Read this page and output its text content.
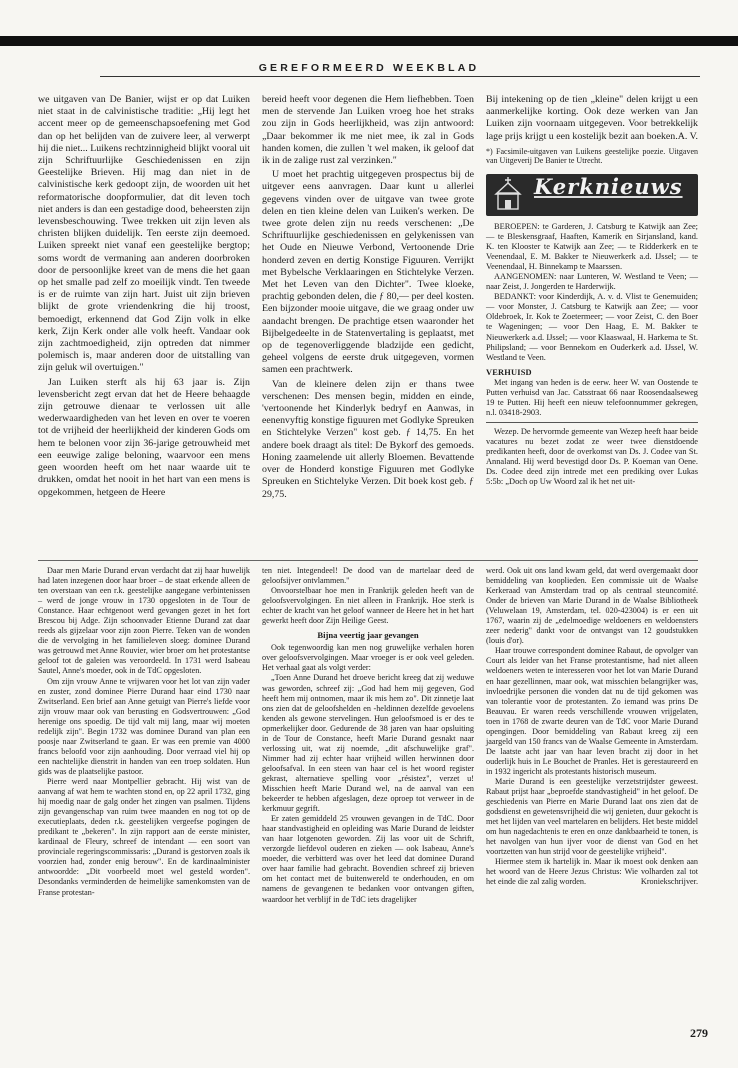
GEREFORMEERD WEEKBLAD

we uitgaven van De Banier, wijst er op dat Luiken niet staat in de calvinistische traditie: „Hij legt het accent meer op de gemeenschapsoefening met God dan op het belijden van de zuivere leer, al verwerpt hij die niet... Luikens rechtzinnigheid blijkt vooral uit zijn Schriftuurlijke Geschiedenissen en zijn Geestelijke Brieven. Hij mag dan niet in de calvinistische kerk gedoopt zijn, de woorden uit het reformatorische doopformulier, dat dit leven toch niet anders is dan een gestadige dood, beheersten zijn levensbeschouwing. Twee trekken uit zijn leven als christen blijken duidelijk. Ten eerste zijn deemoed. Luiken spreekt niet vanaf een geestelijke bergtop; soms wordt de vermaning aan anderen doorbroken door de persoonlijke kreet van de mens die het gaan op het smalle pad zelf zo moeilijk vindt. Ten tweede is er de ruimte van zijn hart. Juist uit zijn brieven blijkt de grote vriendenkring die hij troost, bemoedigt, erkennend dat God Zijn volk in elke kerk, Zijn Kerk onder alle volk heeft. Vandaar ook zijn zachtmoedigheid, zijn optreden dat nimmer polemisch is, maar anderen door de uitstalling van zijn geluk wil overtuigen."

Jan Luiken sterft als hij 63 jaar is. Zijn levensbericht zegt ervan dat het de Heere behaagde zijn getrouwe dienaar te verlossen uit alle wederwaardigheden van het leven en over te voeren tot de vrijheid der heerlijkheid der kinderen Gods om hem te belonen voor zijn 36-jarige getrouwheid met een eeuwige zalige beloning, waarvoor een mens geen woorden heeft om het naar waarde uit te drukken, omdat het nooit in het hart van een mens is opgekommen, hetgeen de Heere

bereid heeft voor degenen die Hem liefhebben. Toen men de stervende Jan Luiken vroeg hoe het straks zou zijn in Gods heerlijkheid, was zijn antwoord: „Daar bekommer ik me niet mee, ik zal in Gods handen komen, die zullen 't wel maken, ik geloof dat ik in de zalige rust zal verzinken."

U moet het prachtig uitgegeven prospectus bij de uitgever eens aanvragen. Daar kunt u allerlei gegevens vinden over de uitgave van twee grote delen en tien kleine delen van Luiken's werken. De twee grote delen zijn nu reeds verschenen: „De Schriftuurlijke geschiedenissen en gelykenissen van het Oude en Nieuwe Verbond, Vertoonende Drie honderd zeven en dertig Konstige Figuuren. Verrijkt met Bybelsche Verklaaringen en Stichtelyke Verzen. Met het Leven van den Dichter". Twee kloeke, prachtig gebonden delen, die ƒ 80,— per deel kosten. Een bijzonder mooie uitgave, die we graag onder uw aandacht brengen. De prachtige etsen waaronder het Bijbelgedeelte in de Statenvertaling is geplaatst, met op de tegenoverliggende bladzijde een gedicht, geheel volgens de eerste druk uitgegeven, vormen samen een prachtwerk.

Van de kleinere delen zijn er thans twee verschenen: Des mensen begin, midden en einde, 'vertoonende het Kinderlyk bedryf en Aanwas, in eenenvyftig konstige figuuren met Godlyke Spreuken en Stichtelyke Verzen" kost geb. ƒ 14,75. En het andere boek draagt als titel: De Bykorf des gemoeds. Honing zaamelende uit allerly Bloemen. Bevattende over de Honderd konstige Figuuren met Godlyke Spreuken en Stichtelyke Verzen. Dit boek kost geb. ƒ 29,75.

Bij intekening op de tien „kleine" delen krijgt u een aanmerkelijke korting. Ook deze werken van Jan Luiken zijn voornaam uitgegeven. Voor betrekkelijk lage prijs krijgt u een kostelijk bezit aan boeken. A. V.

*) Facsimile-uitgaven van Luikens geestelijke poezie. Uitgaven van Uitgeverij De Banier te Utrecht.
Kerknieuws

BEROEPEN: te Garderen, J. Catsburg te Katwijk aan Zee; — te Bleskensgraaf, Haaften, Kamerik en Sirjansland, kand. K. ten Klooster te Katwijk aan Zee; — te Ridderkerk en te Veenendaal, E. M. Bakker te Nieuwerkerk a.d. IJssel; — te Veenendaal, H. Binnekamp te Maarssen.

AANGENOMEN: naar Lunteren, W. Westland te Veen; — naar Zeist, J. Jongerden te Harderwijk.

BEDANKT: voor Kinderdijk, A. v. d. Vlist te Genemuiden; — voor Monster, J. Catsburg te Katwijk aan Zee; — voor Oldebroek, Ir. Kok te Zoetermeer; — voor Zeist, C. den Boer te Wageningen; — voor Den Haag, E. M. Bakker te Nieuwerkerk a.d. IJssel; — voor Klaaswaal, H. Harkema te St. Philipsland; — voor Bennekom en Ouderkerk a.d. IJssel, W. Westland te Veen.

VERHUISD

Met ingang van heden is de eerw. heer W. van Oostende te Putten verhuisd van Jac. Catsstraat 66 naar Roosendaalseweg 19 te Putten. Hij heeft een nieuw telefoonnummer gekregen, n.l. 03418-2903.

Wezep. De hervormde gemeente van Wezep heeft haar beide vacatures nu bezet zodat ze weer twee dienstdoende predikanten heeft, door de overkomst van Ds. J. Codee van St. Annaland. Hij werd bevestigd door Ds. P. Koeman van Oene. Ds. Codee deed zijn intrede met een prediking over Lukas 5:5b: „Doch op Uw Woord zal ik het net uit-

Daar men Marie Durand ervan verdacht dat zij haar huwelijk had laten inzegenen door haar broer – de staat erkende alleen de ten overstaan van een r.k. geestelijke aangegane verbintenissen – werd de jonge vrouw in 1730 opgesloten in de Tour de Constance. Haar echtgenoot werd gevangen gezet in het fort Brescou bij Adge. Zijn schoonvader Etienne Durand zat daar reeds als gijzelaar voor zijn zoon Pierre. Teken van de wonden die de vervolging in het familieleven sloeg: dominee Durand was getrouwd met Anne Rouvier, wier broer om het protestantse geloof tot de galeien was veroordeeld. In 1731 werd Isabeau Sautel, Anne's moeder, ook in de TdC opgesloten.

Om zijn vrouw Anne te vrijwaren voor het lot van zijn vader en zuster, zond dominee Pierre Durand haar eind 1730 naar Zwitserland. Een brief aan Anne getuigt van Pierre's liefde voor zijn vrouw maar ook van berusting en Godsvertrouwen: „God herenige ons spoedig. De tijd valt mij lang, maar wij moeten redelijk zijn". Begin 1732 was dominee Durand van plan een poosje naar Zwitserland te gaan. Er was een premie van 4000 francs beloofd voor zijn aanhouding. Door verraad viel hij op een nachtelijke dienstrit in handen van een troep soldaten. Hun gids was de plaatselijke pastoor.

Pierre werd naar Montpellier gebracht. Hij wist van de aanvang af wat hem te wachten stond en, op 22 april 1732, ging hij moedig naar de galg onder het zingen van psalmen. Tijdens zijn gevangenschap van ruim twee maanden en nog tot op de executieplaats, deden r.k. geestelijken vergeefse pogingen de predikant te „bekeren". In zijn rapport aan de eerste minister, kardinaal de Fleury, schreef de intendant — een soort van provinciale regeringscommissaris: „Durand is gestorven zoals ik voorzien had, zonder enig berouw". En de kardinaalminister antwoordde: „Dit voorbeeld moet wel gesteld worden". Desondanks verminderden de heimelijke samenkomsten van de Franse protestan-

ten niet. Integendeel! De dood van de martelaar deed de geloofsijver ontvlammen."

Onvoorstelbaar hoe men in Frankrijk geleden heeft van de geloofsvervolgingen. En niet alleen in Frankrijk. Hoe sterk is echter de kracht van het geloof wanneer de Heere het in het hart gewerkt heeft door Zijn Heilige Geest.

Bijna veertig jaar gevangen

Ook tegenwoordig kan men nog gruwelijke verhalen horen over geloofsvervolgingen. Maar vroeger is er ook veel geleden. Het verhaal gaat als volgt verder:

„Toen Anne Durand het droeve bericht kreeg dat zij weduwe was geworden, schreef zij: „God had hem mij gegeven, God heeft hem mij ontnomen, maar ik mis hem zo". Dit zinnetje laat ons zien dat de geloofshelden en -heldinnen dezelfde gevoelens kenden als gewone stervelingen. Hun geloofsmoed is er des te opmerkelijker door. Gedurende de 38 jaren van haar opsluiting in de Tour de Constance, heeft Marie Durand gesnakt naar verlossing uit, wat zij noemde, „dit afschuwelijke graf". Nimmer had zij echter haar vrijheid willen herwinnen door geloofsafval. In een steen van haar cel is het woord register gekrast, alternatieve spelling voor „résistez", verzet u! Misschien heeft Marie Durand wel, na de aanval van een bekeerder te hebben afgeslagen, deze oproep tot verweer in de kerkmuur gegrift.

Er zaten gemiddeld 25 vrouwen gevangen in de TdC. Door haar standvastigheid en opleiding was Marie Durand de leidster van haar lotgenoten geworden. Zij las voor uit de Schrift, verzorgde liefdevol ouderen en zieken — ook Isabeau, Anne's moeder, die verbitterd was over het leed dat dominee Durand over haar familie had gebracht. Bovendien schreef zij brieven om het contact met de buitenwereld te onderhouden, en om namens de gevangenen te bedanken voor ontvangen giften, waardoor het verblijf in de TdC iets dragelijker

werd. Ook uit ons land kwam geld, dat werd overgemaakt door bemiddeling van kooplieden. Een commissie uit de Waalse Kerkeraad van Amsterdam trad op als centraal steuncomité. Onder de brieven van Marie Durand in de Waalse Bibliotheek (Veluwelaan 19, Amsterdam, tel. 020-423004) is er een uit 1767, waarin zij de „edelmoedige weldoeners en weldoensters zeer nederig" dankt voor de ontvangst van 12 goudstukken (louis d'or).

Haar trouwe correspondent dominee Rabaut, de opvolger van Court als leider van het Franse protestantisme, had niet alleen weldoeners weten te interesseren voor het lot van Marie Durand en haar gezellinnen, maar ook, wat misschien belangrijker was, invloedrijke personen die vonden dat nu de tijd gekomen was van tolerantie voor de protestanten. Zo iemand was prins De Beauvau. Er waren reeds verschillende vrouwen vrijgelaten, toen in 1768 de zwarte deuren van de TdC voor Marie Durand opengingen. Door bemiddeling van Rabaut kreeg zij een jaargeld van 150 francs van de Waalse Gemeente in Amsterdam. De laatste acht jaar van haar leven bracht zij door in het ouderlijk huis in Le Bouchet de Pranles. Het is gerestaureerd en in 1932 ingericht als protestants historisch museum.

Marie Durand is een geestelijke verzetstrijdster geweest. Rabaut prijst haar „beproefde standvastigheid" in het geloof. De geschiedenis van Pierre en Marie Durand laat ons zien dat de godsdienst en gewetensvrijheid die wij genieten, duur gekocht is met het lijden van veel martelaren en belijders. Het beste middel om hun nagedachtenis te eren en onze dankbaarheid te tonen, is het navolgen van hun ijver voor de dienst van God en het voortzetten van hun strijd voor de geestelijke vrijheid".

Hiermee stem ik hartelijk in. Maar ik moest ook denken aan het woord van de Heere Jezus Christus: Wie volharden zal tot het einde die zal zalig worden.	Kroniekschrijver.

279
